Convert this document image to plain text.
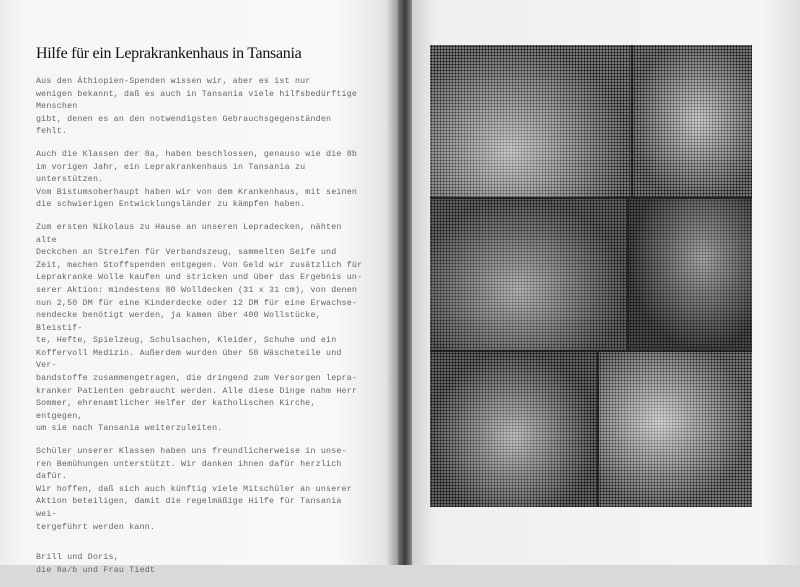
Hilfe für ein Leprakrankenhaus in Tansania

Aus den Äthiopien-Spenden wissen wir, aber es ist nur
wenigen bekannt, daß es auch in Tansania viele hilfsbedürftige Menschen
gibt, denen es an den notwendigsten Gebrauchsgegenständen fehlt.

Auch die Klassen der 8a, haben beschlossen, genauso wie die 8b
im vorigen Jahr, ein Leprakrankenhaus in Tansania zu unterstützen.
Vom Bistumsoberhaupt haben wir von dem Krankenhaus, mit seinen
die schwierigen Entwicklungsländer zu kämpfen haben.

Zum ersten Nikolaus zu Hause an unseren Lepradecken, nähten alte
Deckchen an Streifen für Verbandszeug, sammelten Seife und
Zeit, machen Stoffspenden entgegen. Von Geld wir zusätzlich für
Leprakranke Wolle kaufen und stricken und über das Ergebnis un-
serer Aktion: mindestens 80 Wolldecken (31 x 31 cm), von denen
nun 2,50 DM für eine Kinderdecke oder 12 DM für eine Erwachse-
nendecke benötigt werden, ja kamen über 400 Wollstücke, Bleistif-
te, Hefte, Spielzeug, Schulsachen, Kleider, Schuhe und ein
Koffervoll Medizin. Außerdem wurden über 50 Wäscheteile und Ver-
bandstoffe zusammengetragen, die dringend zum Versorgen lepra-
kranker Patienten gebraucht werden. Alle diese Dinge nahm Herr
Sommer, ehrenamtlicher Helfer der katholischen Kirche, entgegen,
um sie nach Tansania weiterzuleiten.

Schüler unserer Klassen haben uns freundlicherweise in unse-
ren Bemühungen unterstützt. Wir danken ihnen dafür herzlich dafür.
Wir hoffen, daß sich auch künftig viele Mitschüler an unserer
Aktion beteiligen, damit die regelmäßige Hilfe für Tansania wei-
tergeführt werden kann.

Brill und Doris,
die 8a/b und Frau Tiedt
